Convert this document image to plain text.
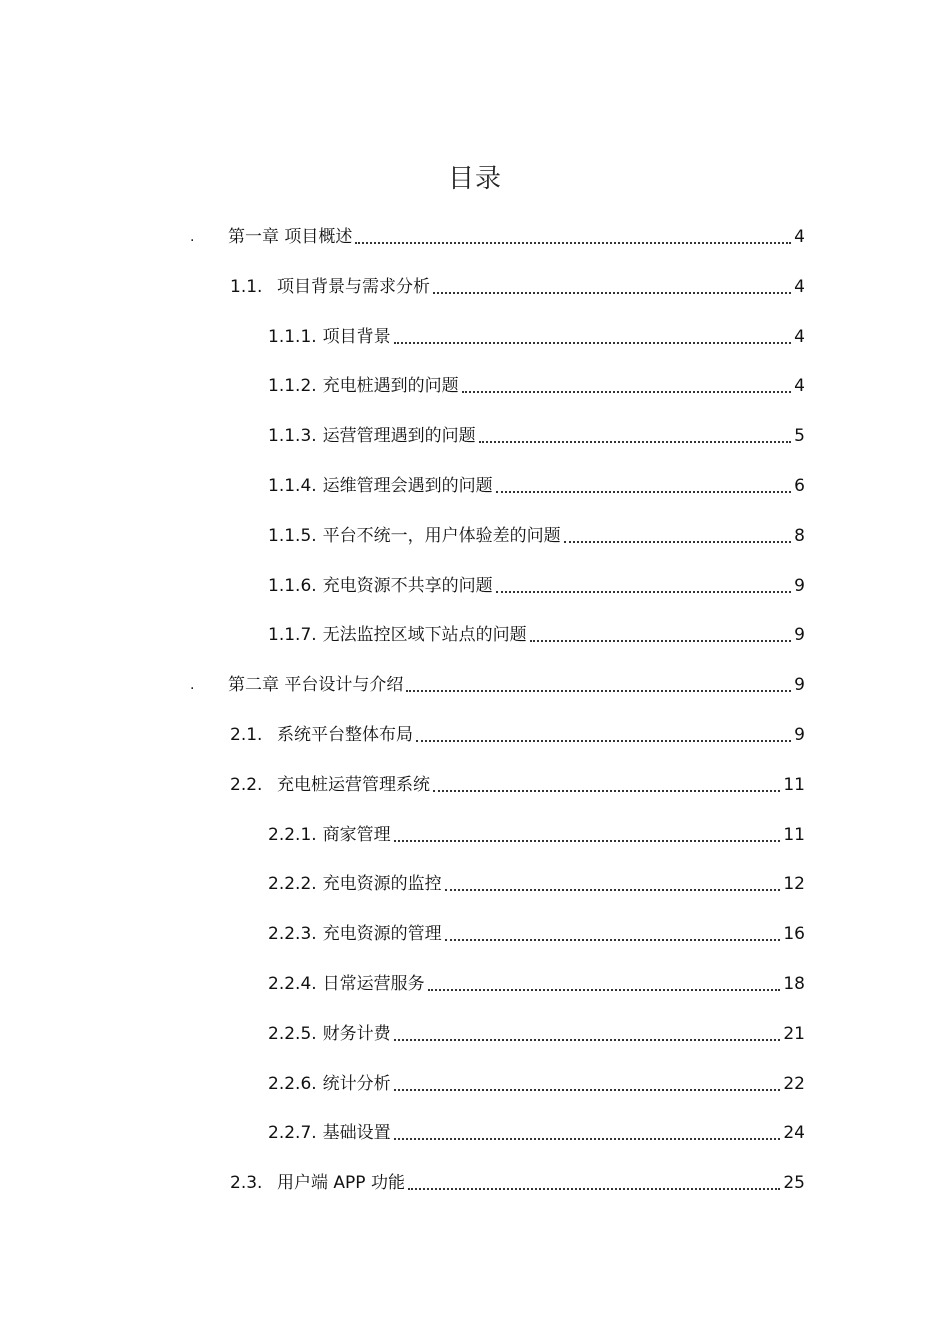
目录
. 第一章 项目概述	4
1.1. 项目背景与需求分析	4
1.1.1. 项目背景	4
1.1.2. 充电桩遇到的问题	4
1.1.3. 运营管理遇到的问题	5
1.1.4. 运维管理会遇到的问题	6
1.1.5. 平台不统一，用户体验差的问题	8
1.1.6. 充电资源不共享的问题	9
1.1.7. 无法监控区域下站点的问题	9
. 第二章 平台设计与介绍	9
2.1. 系统平台整体布局	9
2.2. 充电桩运营管理系统	11
2.2.1. 商家管理	11
2.2.2. 充电资源的监控	12
2.2.3. 充电资源的管理	16
2.2.4. 日常运营服务	18
2.2.5. 财务计费	21
2.2.6. 统计分析	22
2.2.7. 基础设置	24
2.3. 用户端 APP 功能	25
